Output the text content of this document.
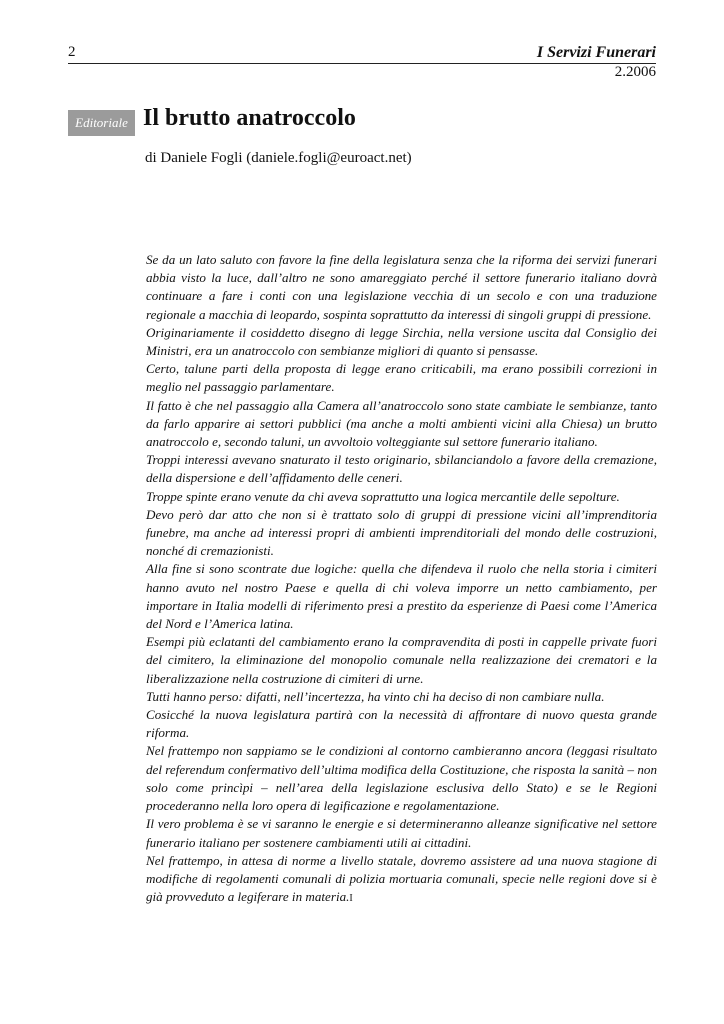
2	I Servizi Funerari
2.2006
Editoriale Il brutto anatroccolo
di Daniele Fogli (daniele.fogli@euroact.net)

Se da un lato saluto con favore la fine della legislatura senza che la riforma dei servizi funerari abbia visto la luce, dall’altro ne sono amareggiato perché il settore funerario italiano dovrà continuare a fare i conti con una legislazione vecchia di un secolo e con una traduzione regionale a macchia di leopardo, sospinta soprattutto da interessi di singoli gruppi di pressione.

Originariamente il cosiddetto disegno di legge Sirchia, nella versione uscita dal Consiglio dei Ministri, era un anatroccolo con sembianze migliori di quanto si pensasse.

Certo, talune parti della proposta di legge erano criticabili, ma erano possibili correzioni in meglio nel passaggio parlamentare.

Il fatto è che nel passaggio alla Camera all’anatroccolo sono state cambiate le sembianze, tanto da farlo apparire ai settori pubblici (ma anche a molti ambienti vicini alla Chiesa) un brutto anatroccolo e, secondo taluni, un avvoltoio volteggiante sul settore funerario italiano.

Troppi interessi avevano snaturato il testo originario, sbilanciandolo a favore della cremazione, della dispersione e dell’affidamento delle ceneri.

Troppe spinte erano venute da chi aveva soprattutto una logica mercantile delle sepolture.

Devo però dar atto che non si è trattato solo di gruppi di pressione vicini all’imprenditoria funebre, ma anche ad interessi propri di ambienti imprenditoriali del mondo delle costruzioni, nonché di cremazionisti.

Alla fine si sono scontrate due logiche: quella che difendeva il ruolo che nella storia i cimiteri hanno avuto nel nostro Paese e quella di chi voleva imporre un netto cambiamento, per importare in Italia modelli di riferimento presi a prestito da esperienze di Paesi come l’America del Nord e l’America latina.

Esempi più eclatanti del cambiamento erano la compravendita di posti in cappelle private fuori del cimitero, la eliminazione del monopolio comunale nella realizzazione dei crematori e la liberalizzazione nella costruzione di cimiteri di urne.

Tutti hanno perso: difatti, nell’incertezza, ha vinto chi ha deciso di non cambiare nulla.

Cosicché la nuova legislatura partirà con la necessità di affrontare di nuovo questa grande riforma.

Nel frattempo non sappiamo se le condizioni al contorno cambieranno ancora (leggasi risultato del referendum confermativo dell’ultima modifica della Costituzione, che risposta la sanità – non solo come princìpi – nell’area della legislazione esclusiva dello Stato) e se le Regioni procederanno nella loro opera di legificazione e regolamentazione.

Il vero problema è se vi saranno le energie e si determineranno alleanze significative nel settore funerario italiano per sostenere cambiamenti utili ai cittadini.

Nel frattempo, in attesa di norme a livello statale, dovremo assistere ad una nuova stagione di modifiche di regolamenti comunali di polizia mortuaria comunali, specie nelle regioni dove si è già provveduto a legiferare in materia.I
